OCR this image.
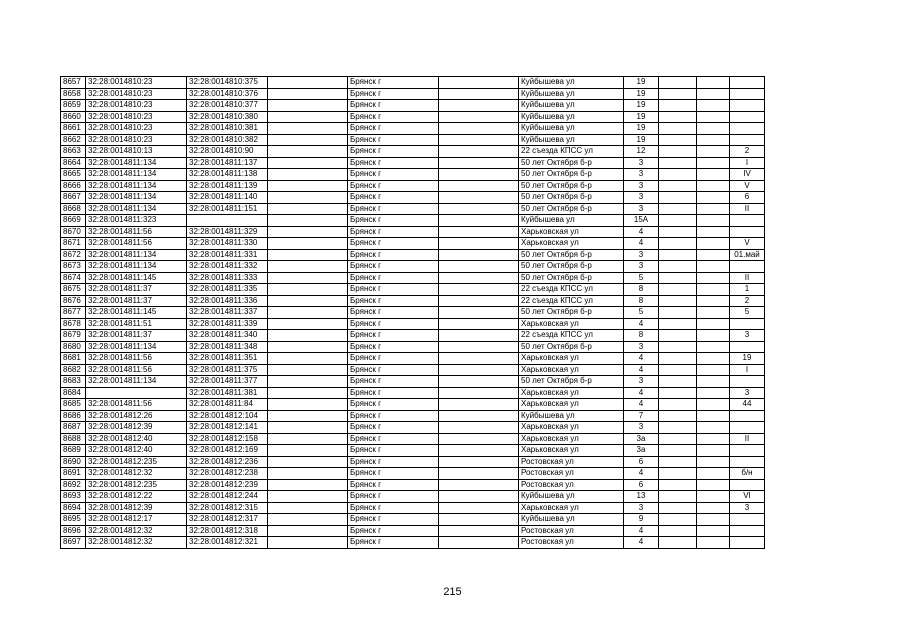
8657	32:28:0014810:23	32:28:0014810:375		Брянск г		Куйбышева ул	19			
8658	32:28:0014810:23	32:28:0014810:376		Брянск г		Куйбышева ул	19			
8659	32:28:0014810:23	32:28:0014810:377		Брянск г		Куйбышева ул	19			
8660	32:28:0014810:23	32:28:0014810:380		Брянск г		Куйбышева ул	19			
8661	32:28:0014810:23	32:28:0014810:381		Брянск г		Куйбышева ул	19			
8662	32:28:0014810:23	32:28:0014810:382		Брянск г		Куйбышева ул	19			
8663	32:28:0014810:13	32:28:0014810:90		Брянск г		22 съезда КПСС ул	12			2
8664	32:28:0014811:134	32:28:0014811:137		Брянск г		50 лет Октября б-р	3			I
8665	32:28:0014811:134	32:28:0014811:138		Брянск г		50 лет Октября б-р	3			IV
8666	32:28:0014811:134	32:28:0014811:139		Брянск г		50 лет Октября б-р	3			V
8667	32:28:0014811:134	32:28:0014811:140		Брянск г		50 лет Октября б-р	3			6
8668	32:28:0014811:134	32:28:0014811:151		Брянск г		50 лет Октября б-р	3			II
8669	32:28:0014811:323			Брянск г		Куйбышева ул	15А			
8670	32:28:0014811:56	32:28:0014811:329		Брянск г		Харьковская ул	4			
8671	32:28:0014811:56	32:28:0014811:330		Брянск г		Харьковская ул	4			V
8672	32:28:0014811:134	32:28:0014811:331		Брянск г		50 лет Октября б-р	3			01.май
8673	32:28:0014811:134	32:28:0014811:332		Брянск г		50 лет Октября б-р	3			
8674	32:28:0014811:145	32:28:0014811:333		Брянск г		50 лет Октября б-р	5			II
8675	32:28:0014811:37	32:28:0014811:335		Брянск г		22 съезда КПСС ул	8			1
8676	32:28:0014811:37	32:28:0014811:336		Брянск г		22 съезда КПСС ул	8			2
8677	32:28:0014811:145	32:28:0014811:337		Брянск г		50 лет Октября б-р	5			5
8678	32:28:0014811:51	32:28:0014811:339		Брянск г		Харьковская ул	4			
8679	32:28:0014811:37	32:28:0014811:340		Брянск г		22 съезда КПСС ул	8			3
8680	32:28:0014811:134	32:28:0014811:348		Брянск г		50 лет Октября б-р	3			
8681	32:28:0014811:56	32:28:0014811:351		Брянск г		Харьковская ул	4			19
8682	32:28:0014811:56	32:28:0014811:375		Брянск г		Харьковская ул	4			I
8683	32:28:0014811:134	32:28:0014811:377		Брянск г		50 лет Октября б-р	3			
8684		32:28:0014811:381		Брянск г		Харьковская ул	4			3
8685	32:28:0014811:56	32:28:0014811:84		Брянск г		Харьковская ул	4			44
8686	32:28:0014812:26	32:28:0014812:104		Брянск г		Куйбышева ул	7			
8687	32:28:0014812:39	32:28:0014812:141		Брянск г		Харьковская ул	3			
8688	32:28:0014812:40	32:28:0014812:158		Брянск г		Харьковская ул	3а			II
8689	32:28:0014812:40	32:28:0014812:169		Брянск г		Харьковская ул	3а			
8690	32:28:0014812:235	32:28:0014812:236		Брянск г		Ростовская ул	6			
8691	32:28:0014812:32	32:28:0014812:238		Брянск г		Ростовская ул	4			б/н
8692	32:28:0014812:235	32:28:0014812:239		Брянск г		Ростовская ул	6			
8693	32:28:0014812:22	32:28:0014812:244		Брянск г		Куйбышева ул	13			VI
8694	32:28:0014812:39	32:28:0014812:315		Брянск г		Харьковская ул	3			3
8695	32:28:0014812:17	32:28:0014812:317		Брянск г		Куйбышева ул	9			
8696	32:28:0014812:32	32:28:0014812:318		Брянск г		Ростовская ул	4			
8697	32:28:0014812:32	32:28:0014812:321		Брянск г		Ростовская ул	4			
215
